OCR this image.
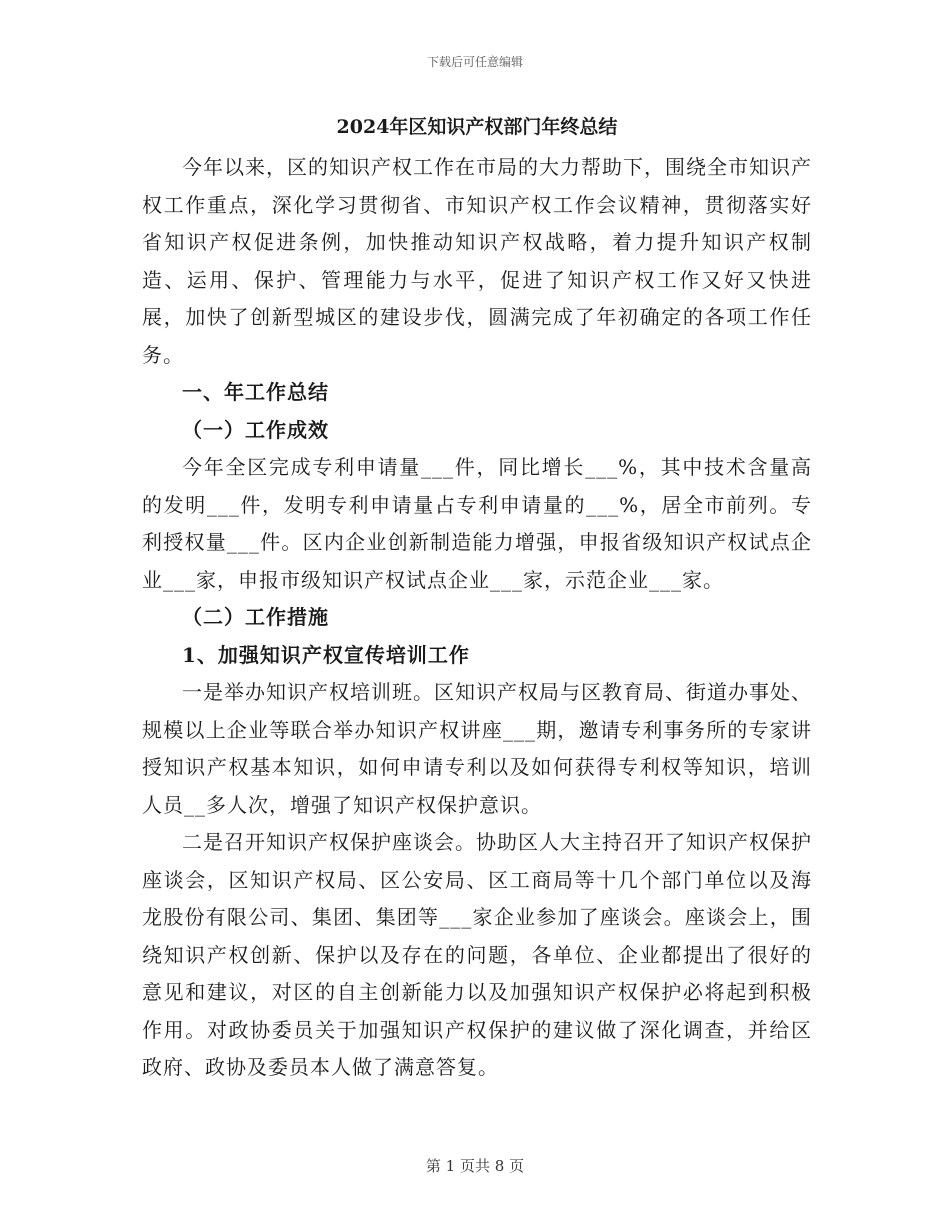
下载后可任意编辑
2024年区知识产权部门年终总结

今年以来，区的知识产权工作在市局的大力帮助下，围绕全市知识产权工作重点，深化学习贯彻省、市知识产权工作会议精神，贯彻落实好省知识产权促进条例，加快推动知识产权战略，着力提升知识产权制造、运用、保护、管理能力与水平，促进了知识产权工作又好又快进展，加快了创新型城区的建设步伐，圆满完成了年初确定的各项工作任务。

一、年工作总结

（一）工作成效

今年全区完成专利申请量___件，同比增长___%，其中技术含量高的发明___件，发明专利申请量占专利申请量的___%，居全市前列。专利授权量___件。区内企业创新制造能力增强，申报省级知识产权试点企业___家，申报市级知识产权试点企业___家，示范企业___家。

（二）工作措施

1、加强知识产权宣传培训工作

一是举办知识产权培训班。区知识产权局与区教育局、街道办事处、规模以上企业等联合举办知识产权讲座___期，邀请专利事务所的专家讲授知识产权基本知识，如何申请专利以及如何获得专利权等知识，培训人员__多人次，增强了知识产权保护意识。

二是召开知识产权保护座谈会。协助区人大主持召开了知识产权保护座谈会，区知识产权局、区公安局、区工商局等十几个部门单位以及海龙股份有限公司、集团、集团等___家企业参加了座谈会。座谈会上，围绕知识产权创新、保护以及存在的问题，各单位、企业都提出了很好的意见和建议，对区的自主创新能力以及加强知识产权保护必将起到积极作用。对政协委员关于加强知识产权保护的建议做了深化调查，并给区政府、政协及委员本人做了满意答复。

第 1 页共 8 页
